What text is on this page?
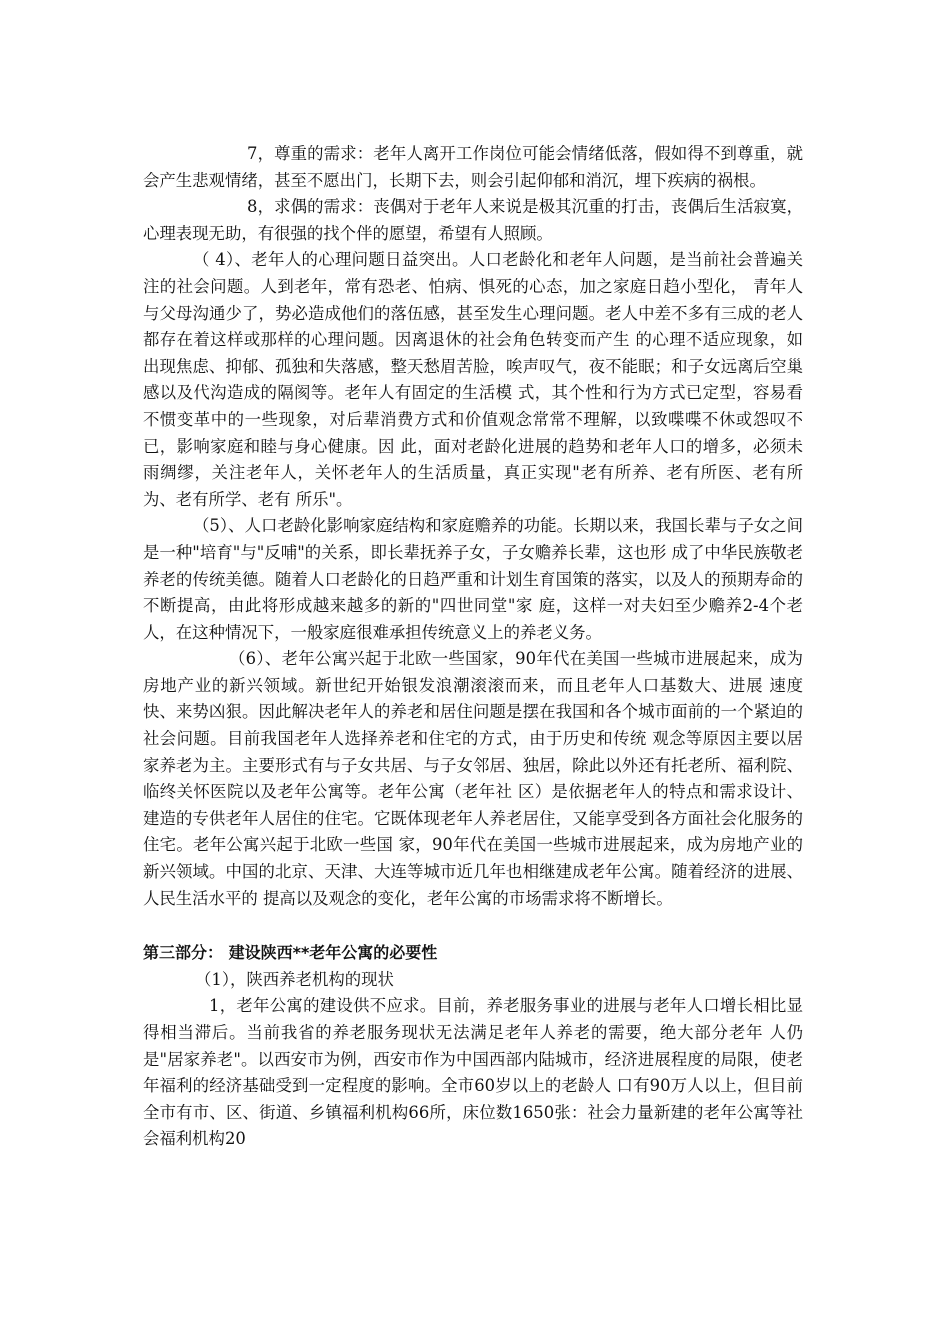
7，尊重的需求：老年人离开工作岗位可能会情绪低落，假如得不到尊重，就会产生悲观情绪，甚至不愿出门，长期下去，则会引起仰郁和消沉，埋下疾病的祸根。

8，求偶的需求：丧偶对于老年人来说是极其沉重的打击，丧偶后生活寂寞，心理表现无助，有很强的找个伴的愿望，希望有人照顾。

（ 4）、老年人的心理问题日益突出。人口老龄化和老年人问题，是当前社会普遍关注的社会问题。人到老年，常有恐老、怕病、惧死的心态，加之家庭日趋小型化， 青年人与父母沟通少了，势必造成他们的落伍感，甚至发生心理问题。老人中差不多有三成的老人都存在着这样或那样的心理问题。因离退休的社会角色转变而产生 的心理不适应现象，如出现焦虑、抑郁、孤独和失落感，整天愁眉苦脸，唉声叹气，夜不能眠；和子女远离后空巢感以及代沟造成的隔阂等。老年人有固定的生活模 式，其个性和行为方式已定型，容易看不惯变革中的一些现象，对后辈消费方式和价值观念常常不理解，以致喋喋不休或怨叹不已，影响家庭和睦与身心健康。因 此，面对老龄化进展的趋势和老年人口的增多，必须未雨绸缪，关注老年人，关怀老年人的生活质量，真正实现"老有所养、老有所医、老有所为、老有所学、老有 所乐"。

（5）、人口老龄化影响家庭结构和家庭赡养的功能。长期以来，我国长辈与子女之间是一种"培育"与"反哺"的关系，即长辈抚养子女，子女赡养长辈，这也形 成了中华民族敬老养老的传统美德。随着人口老龄化的日趋严重和计划生育国策的落实，以及人的预期寿命的不断提高，由此将形成越来越多的新的"四世同堂"家 庭，这样一对夫妇至少赡养2-4个老人，在这种情况下，一般家庭很难承担传统意义上的养老义务。

（6）、老年公寓兴起于北欧一些国家，90年代在美国一些城市进展起来，成为房地产业的新兴领域。新世纪开始银发浪潮滚滚而来，而且老年人口基数大、进展 速度快、来势凶狠。因此解决老年人的养老和居住问题是摆在我国和各个城市面前的一个紧迫的社会问题。目前我国老年人选择养老和住宅的方式，由于历史和传统 观念等原因主要以居家养老为主。主要形式有与子女共居、与子女邻居、独居，除此以外还有托老所、福利院、临终关怀医院以及老年公寓等。老年公寓（老年社 区）是依据老年人的特点和需求设计、建造的专供老年人居住的住宅。它既体现老年人养老居住，又能享受到各方面社会化服务的住宅。老年公寓兴起于北欧一些国 家，90年代在美国一些城市进展起来，成为房地产业的新兴领域。中国的北京、天津、大连等城市近几年也相继建成老年公寓。随着经济的进展、人民生活水平的 提高以及观念的变化，老年公寓的市场需求将不断增长。

第三部分： 建设陕西**老年公寓的必要性

（1），陕西养老机构的现状

1，老年公寓的建设供不应求。目前，养老服务事业的进展与老年人口增长相比显得相当滞后。当前我省的养老服务现状无法满足老年人养老的需要，绝大部分老年 人仍是"居家养老"。以西安市为例，西安市作为中国西部内陆城市，经济进展程度的局限，使老年福利的经济基础受到一定程度的影响。全市60岁以上的老龄人 口有90万人以上，但目前全市有市、区、街道、乡镇福利机构66所，床位数1650张：社会力量新建的老年公寓等社会福利机构20
